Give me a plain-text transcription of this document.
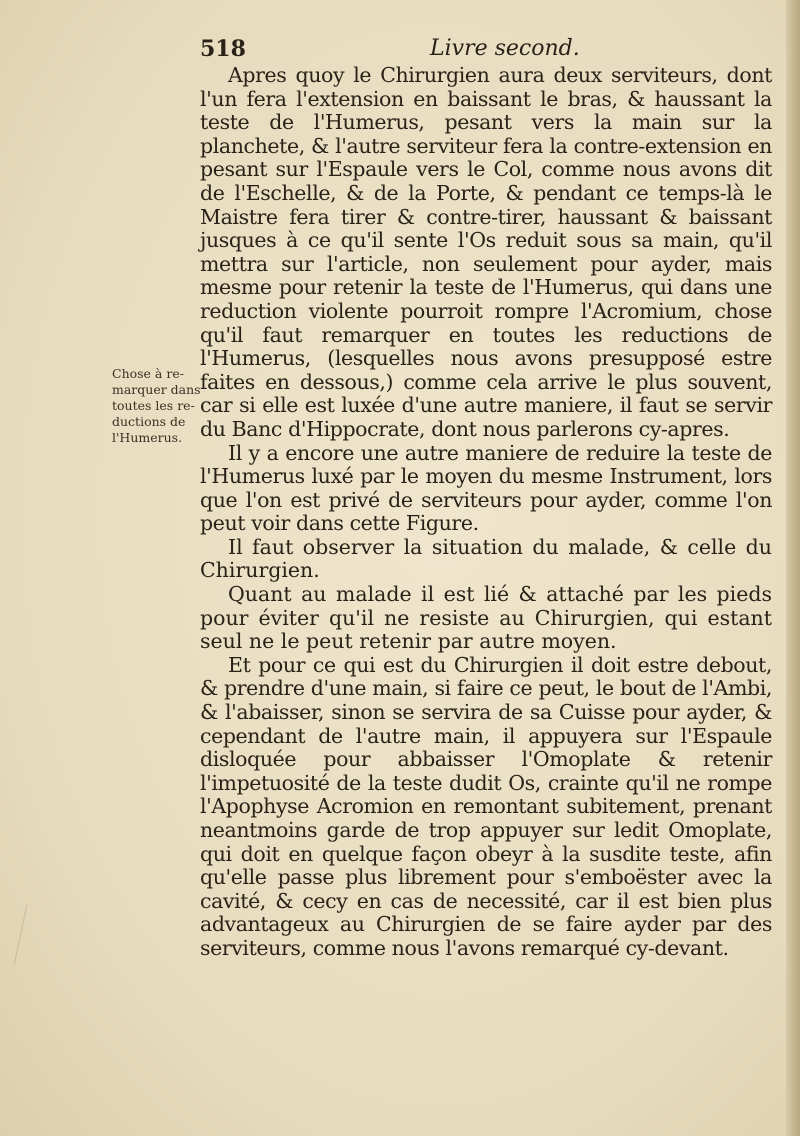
518	Livre second.
Chose à re-
marquer dans
toutes les re-
ductions de
l'Humerus.

Apres quoy le Chirurgien aura deux serviteurs, dont l'un fera l'extension en baissant le bras, & haussant la teste de l'Humerus, pesant vers la main sur la planchete, & l'autre serviteur fera la contre-extension en pesant sur l'Espaule vers le Col, comme nous avons dit de l'Eschelle, & de la Porte, & pendant ce temps-là le Maistre fera tirer & contre-tirer, haussant & baissant jusques à ce qu'il sente l'Os reduit sous sa main, qu'il mettra sur l'article, non seulement pour ayder, mais mesme pour retenir la teste de l'Humerus, qui dans une reduction violente pourroit rompre l'Acromium, chose qu'il faut remarquer en toutes les reductions de l'Humerus, (lesquelles nous avons presupposé estre faites en dessous,) comme cela arrive le plus souvent, car si elle est luxée d'une autre maniere, il faut se servir du Banc d'Hippocrate, dont nous parlerons cy-apres.

Il y a encore une autre maniere de reduire la teste de l'Humerus luxé par le moyen du mesme Instrument, lors que l'on est privé de serviteurs pour ayder, comme l'on peut voir dans cette Figure.

Il faut observer la situation du malade, & celle du Chirurgien.

Quant au malade il est lié & attaché par les pieds pour éviter qu'il ne resiste au Chirurgien, qui estant seul ne le peut retenir par autre moyen.

Et pour ce qui est du Chirurgien il doit estre debout, & prendre d'une main, si faire ce peut, le bout de l'Ambi, & l'abaisser, sinon se servira de sa Cuisse pour ayder, & cependant de l'autre main, il appuyera sur l'Espaule disloquée pour abbaisser l'Omoplate & retenir l'impetuosité de la teste dudit Os, crainte qu'il ne rompe l'Apophyse Acromion en remontant subitement, prenant neantmoins garde de trop appuyer sur ledit Omoplate, qui doit en quelque façon obeyr à la susdite teste, afin qu'elle passe plus librement pour s'emboëster avec la cavité, & cecy en cas de necessité, car il est bien plus advantageux au Chirurgien de se faire ayder par des serviteurs, comme nous l'avons remarqué cy-devant.
